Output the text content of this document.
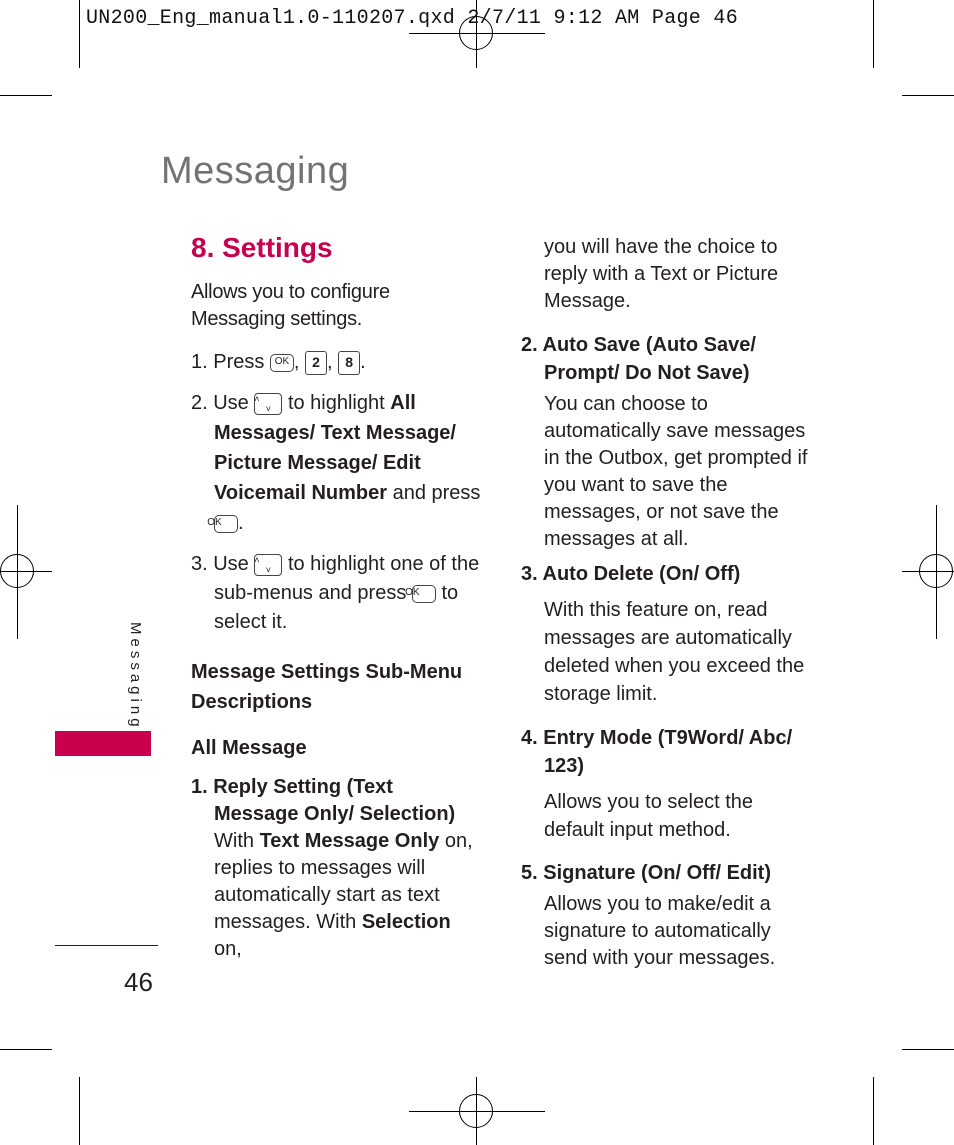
UN200_Eng_manual1.0-110207.qxd 2/7/11 9:12 AM Page 46
Messaging
Messaging
46
8. Settings
Allows you to configure Messaging settings.
1. Press OK , 2 , 8 .
2. Use ˄
˅ to highlight All Messages/ Text Message/ Picture Message/ Edit Voicemail Number and press OK .
3. Use ˄
˅ to highlight one of the sub-menus and press OK to select it.
Message Settings Sub-Menu Descriptions
All Message
1. Reply Setting (Text Message Only/ Selection)
With Text Message Only on, replies to messages will automatically start as text messages. With Selection on,
you will have the choice to reply with a Text or Picture Message.
2. Auto Save (Auto Save/ Prompt/ Do Not Save)
You can choose to automatically save messages in the Outbox, get prompted if you want to save the messages, or not save the messages at all.
3. Auto Delete (On/ Off)
With this feature on, read messages are automatically deleted when you exceed the storage limit.
4. Entry Mode (T9Word/ Abc/ 123)
Allows you to select the default input method.
5. Signature (On/ Off/ Edit)
Allows you to make/edit a signature to automatically send with your messages.
